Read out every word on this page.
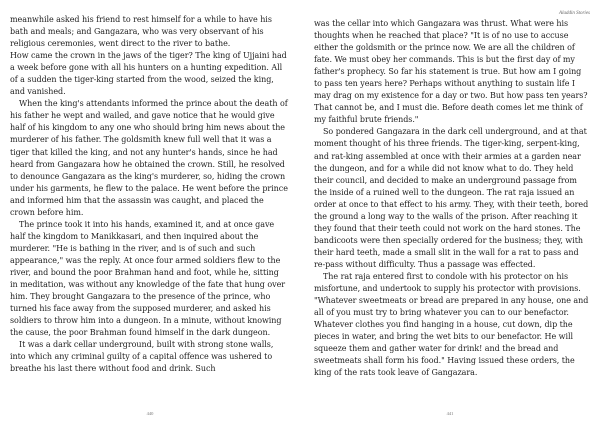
meanwhile asked his friend to rest himself for a while to have his bath and meals; and Gangazara, who was very observant of his religious ceremonies, went direct to the river to bathe.

How came the crown in the jaws of the tiger? The king of Ujjaini had a week before gone with all his hunters on a hunting expedition. All of a sudden the tiger-king started from the wood, seized the king, and vanished.

When the king's attendants informed the prince about the death of his father he wept and wailed, and gave notice that he would give half of his kingdom to any one who should bring him news about the murderer of his father. The goldsmith knew full well that it was a tiger that killed the king, and not any hunter's hands, since he had heard from Gangazara how he obtained the crown. Still, he resolved to denounce Gangazara as the king's murderer, so, hiding the crown under his garments, he flew to the palace. He went before the prince and informed him that the assassin was caught, and placed the crown before him.

The prince took it into his hands, examined it, and at once gave half the kingdom to Manikkasari, and then inquired about the murderer. "He is bathing in the river, and is of such and such appearance," was the reply. At once four armed soldiers flew to the river, and bound the poor Brahman hand and foot, while he, sitting in meditation, was without any knowledge of the fate that hung over him. They brought Gangazara to the presence of the prince, who turned his face away from the supposed murderer, and asked his soldiers to throw him into a dungeon. In a minute, without knowing the cause, the poor Brahman found himself in the dark dungeon.

It was a dark cellar underground, built with strong stone walls, into which any criminal guilty of a capital offence was ushered to breathe his last there without food and drink. Such

440
Aladdin Stories

was the cellar into which Gangazara was thrust. What were his thoughts when he reached that place? "It is of no use to accuse either the goldsmith or the prince now. We are all the children of fate. We must obey her commands. This is but the first day of my father's prophecy. So far his statement is true. But how am I going to pass ten years here? Perhaps without anything to sustain life I may drag on my existence for a day or two. But how pass ten years? That cannot be, and I must die. Before death comes let me think of my faithful brute friends."

So pondered Gangazara in the dark cell underground, and at that moment thought of his three friends. The tiger-king, serpent-king, and rat-king assembled at once with their armies at a garden near the dungeon, and for a while did not know what to do. They held their council, and decided to make an underground passage from the inside of a ruined well to the dungeon. The rat raja issued an order at once to that effect to his army. They, with their teeth, bored the ground a long way to the walls of the prison. After reaching it they found that their teeth could not work on the hard stones. The bandicoots were then specially ordered for the business; they, with their hard teeth, made a small slit in the wall for a rat to pass and re-pass without difficulty. Thus a passage was effected.

The rat raja entered first to condole with his protector on his misfortune, and undertook to supply his protector with provisions. "Whatever sweetmeats or bread are prepared in any house, one and all of you must try to bring whatever you can to our benefactor. Whatever clothes you find hanging in a house, cut down, dip the pieces in water, and bring the wet bits to our benefactor. He will squeeze them and gather water for drink! and the bread and sweetmeats shall form his food." Having issued these orders, the king of the rats took leave of Gangazara.

441
